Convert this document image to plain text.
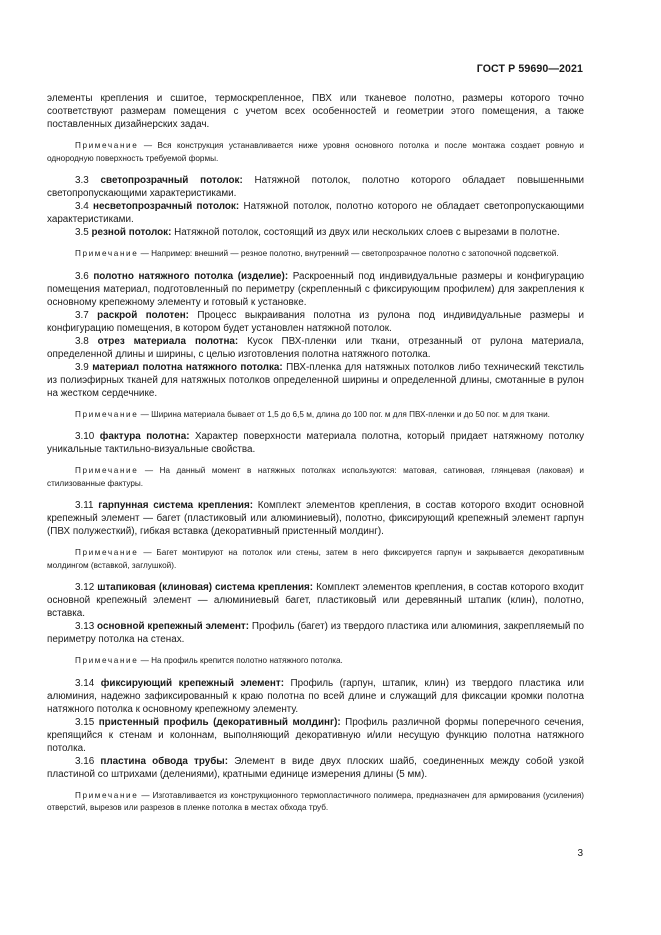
ГОСТ Р 59690—2021

элементы крепления и сшитое, термоскрепленное, ПВХ или тканевое полотно, размеры которого точно соответствуют размерам помещения с учетом всех особенностей и геометрии этого помещения, а также поставленных дизайнерских задач.

Примечание — Вся конструкция устанавливается ниже уровня основного потолка и после монтажа создает ровную и однородную поверхность требуемой формы.

3.3 светопрозрачный потолок: Натяжной потолок, полотно которого обладает повышенными светопропускающими характеристиками.

3.4 несветопрозрачный потолок: Натяжной потолок, полотно которого не обладает светопропускающими характеристиками.

3.5 резной потолок: Натяжной потолок, состоящий из двух или нескольких слоев с вырезами в полотне.

Примечание — Например: внешний — резное полотно, внутренний — светопрозрачное полотно с затопочной подсветкой.

3.6 полотно натяжного потолка (изделие): Раскроенный под индивидуальные размеры и конфигурацию помещения материал, подготовленный по периметру (скрепленный с фиксирующим профилем) для закрепления к основному крепежному элементу и готовый к установке.

3.7 раскрой полотен: Процесс выкраивания полотна из рулона под индивидуальные размеры и конфигурацию помещения, в котором будет установлен натяжной потолок.

3.8 отрез материала полотна: Кусок ПВХ-пленки или ткани, отрезанный от рулона материала, определенной длины и ширины, с целью изготовления полотна натяжного потолка.

3.9 материал полотна натяжного потолка: ПВХ-пленка для натяжных потолков либо технический текстиль из полиэфирных тканей для натяжных потолков определенной ширины и определенной длины, смотанные в рулон на жестком сердечнике.

Примечание — Ширина материала бывает от 1,5 до 6,5 м, длина до 100 пог. м для ПВХ-пленки и до 50 пог. м для ткани.

3.10 фактура полотна: Характер поверхности материала полотна, который придает натяжному потолку уникальные тактильно-визуальные свойства.

Примечание — На данный момент в натяжных потолках используются: матовая, сатиновая, глянцевая (лаковая) и стилизованные фактуры.

3.11 гарпунная система крепления: Комплект элементов крепления, в состав которого входит основной крепежный элемент — багет (пластиковый или алюминиевый), полотно, фиксирующий крепежный элемент гарпун (ПВХ полужесткий), гибкая вставка (декоративный пристенный молдинг).

Примечание — Багет монтируют на потолок или стены, затем в него фиксируется гарпун и закрывается декоративным молдингом (вставкой, заглушкой).

3.12 штапиковая (клиновая) система крепления: Комплект элементов крепления, в состав которого входит основной крепежный элемент — алюминиевый багет, пластиковый или деревянный штапик (клин), полотно, вставка.

3.13 основной крепежный элемент: Профиль (багет) из твердого пластика или алюминия, закрепляемый по периметру потолка на стенах.

Примечание — На профиль крепится полотно натяжного потолка.

3.14 фиксирующий крепежный элемент: Профиль (гарпун, штапик, клин) из твердого пластика или алюминия, надежно зафиксированный к краю полотна по всей длине и служащий для фиксации кромки полотна натяжного потолка к основному крепежному элементу.

3.15 пристенный профиль (декоративный молдинг): Профиль различной формы поперечного сечения, крепящийся к стенам и колоннам, выполняющий декоративную и/или несущую функцию полотна натяжного потолка.

3.16 пластина обвода трубы: Элемент в виде двух плоских шайб, соединенных между собой узкой пластиной со штрихами (делениями), кратными единице измерения длины (5 мм).

Примечание — Изготавливается из конструкционного термопластичного полимера, предназначен для армирования (усиления) отверстий, вырезов или разрезов в пленке потолка в местах обхода труб.

3
